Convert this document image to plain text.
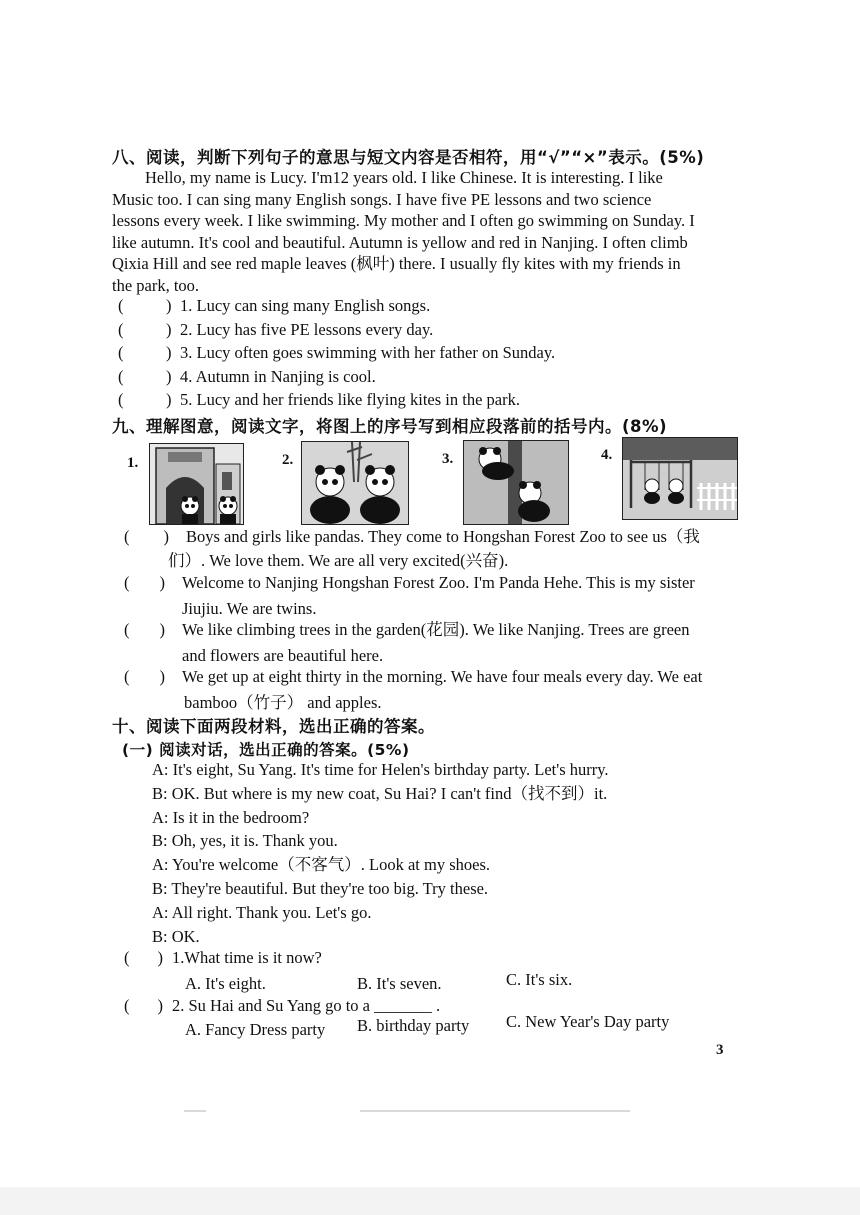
八、阅读，判断下列句子的意思与短文内容是否相符，用“√”“×”表示。(5%)
Hello, my name is Lucy. I'm12 years old. I like Chinese. It is interesting. I like
Music too. I can sing many English songs. I have five PE lessons and two science
lessons every week. I like swimming. My mother and I often go swimming on Sunday. I
like autumn. It's cool and beautiful. Autumn is yellow and red in Nanjing. I often climb
Qixia Hill and see red maple leaves (枫叶) there. I usually fly kites with my friends in
the park, too.
(	) 1. Lucy can sing many English songs.
(	) 2. Lucy has five PE lessons every day.
(	) 3. Lucy often goes swimming with her father on Sunday.
(	) 4. Autumn in Nanjing is cool.
(	) 5. Lucy and her friends like flying kites in the park.
九、理解图意，阅读文字，将图上的序号写到相应段落前的括号内。(8%)
1.	2.	3.	4.
( )	Boys and girls like pandas. They come to Hongshan Forest Zoo to see us（我
们）. We love them. We are all very excited(兴奋).
( )	Welcome to Nanjing Hongshan Forest Zoo. I'm Panda Hehe. This is my sister
Jiujiu. We are twins.
( )	We like climbing trees in the garden(花园). We like Nanjing. Trees are green
and flowers are beautiful here.
( )	We get up at eight thirty in the morning. We have four meals every day. We eat
bamboo（竹子） and apples.
十、阅读下面两段材料，选出正确的答案。
(一) 阅读对话，选出正确的答案。(5%)
A: It's eight, Su Yang. It's time for Helen's birthday party. Let's hurry.
B: OK. But where is my new coat, Su Hai? I can't find（找不到）it.
A: Is it in the bedroom?
B: Oh, yes, it is. Thank you.
A: You're welcome（不客气）. Look at my shoes.
B: They're beautiful. But they're too big. Try these.
A: All right. Thank you. Let's go.
B: OK.
( ) 1.What time is it now?
A. It's eight.	B. It's seven.	C. It's six.
( ) 2. Su Hai and Su Yang go to a _______ .
A. Fancy Dress party B. birthday party C. New Year's Day party
3
